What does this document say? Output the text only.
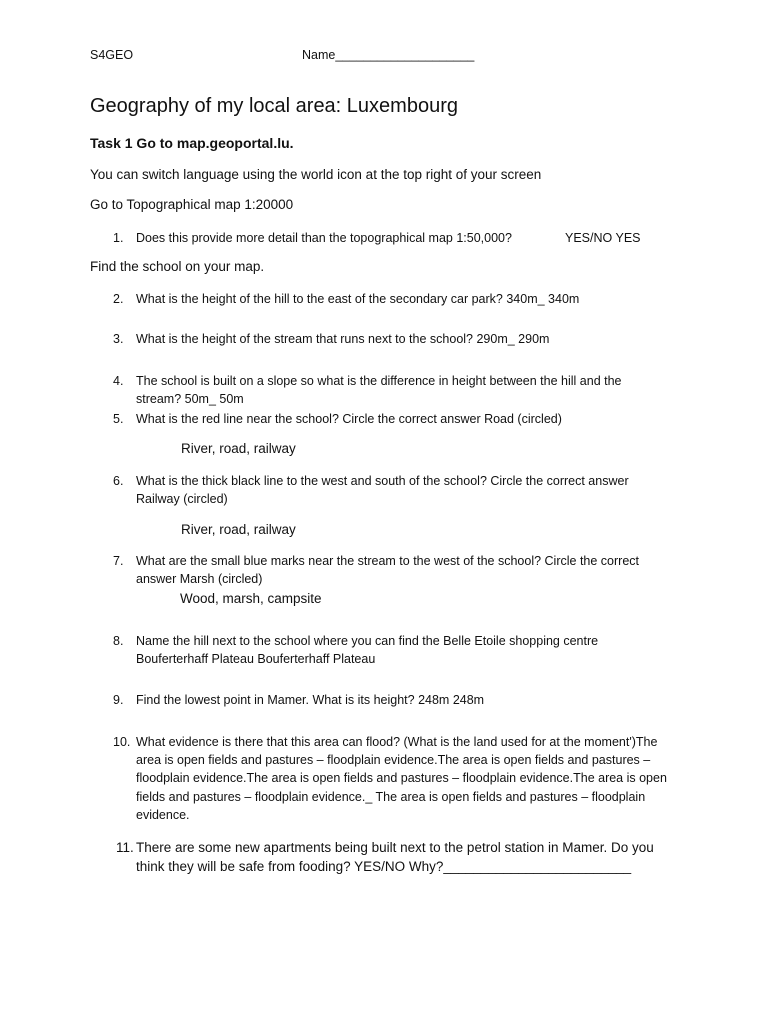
S4GEO	Name____________________
Geography of my local area: Luxembourg
Task 1 Go to map.geoportal.lu.
You can switch language using the world icon at the top right of your screen
Go to Topographical map 1:20000
1. Does this provide more detail than the topographical map 1:50,000?	YES/NO YES
Find the school on your map.
2. What is the height of the hill to the east of the secondary car park? 340m_ 340m
3. What is the height of the stream that runs next to the school? 290m_ 290m
4. The school is built on a slope so what is the difference in height between the hill and the stream? 50m_ 50m
5. What is the red line near the school? Circle the correct answer Road (circled)
River, road, railway
6. What is the thick black line to the west and south of the school? Circle the correct answer Railway (circled)
River, road, railway
7. What are the small blue marks near the stream to the west of the school? Circle the correct answer Marsh (circled)
Wood, marsh, campsite
8. Name the hill next to the school where you can find the Belle Etoile shopping centre Bouferterhaff Plateau Bouferterhaff Plateau
9. Find the lowest point in Mamer. What is its height? 248m 248m
10. What evidence is there that this area can flood? (What is the land used for at the moment')The area is open fields and pastures – floodplain evidence.The area is open fields and pastures – floodplain evidence.The area is open fields and pastures – floodplain evidence.The area is open fields and pastures – floodplain evidence._ The area is open fields and pastures – floodplain evidence.
11. There are some new apartments being built next to the petrol station in Mamer. Do you think they will be safe from fooding? YES/NO Why?_________________________
